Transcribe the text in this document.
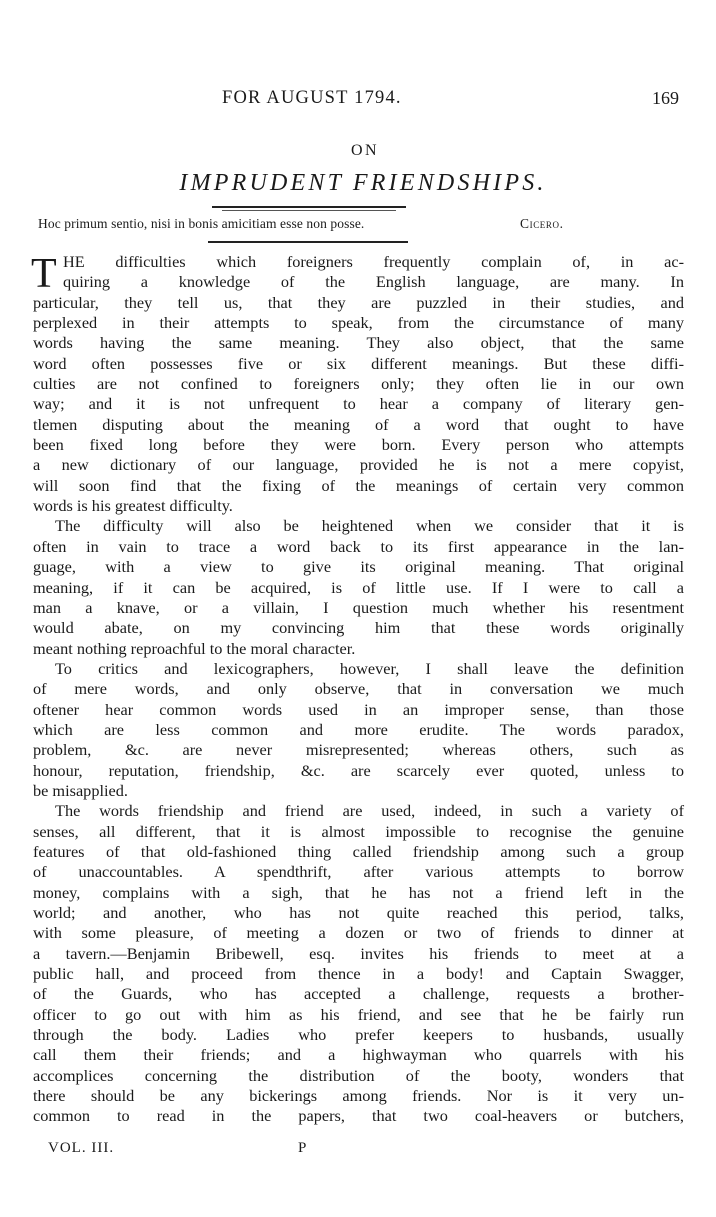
FOR AUGUST 1794.	169
ON
IMPRUDENT FRIENDSHIPS.
Hoc primum sentio, nisi in bonis amicitiam esse non posse.	Cicero.
T HE difficulties which foreigners frequently complain of, in ac-
quiring a knowledge of the English language, are many. In
particular, they tell us, that they are puzzled in their studies, and
perplexed in their attempts to speak, from the circumstance of many
words having the same meaning. They also object, that the same
word often possesses five or six different meanings. But these diffi-
culties are not confined to foreigners only; they often lie in our own
way; and it is not unfrequent to hear a company of literary gen-
tlemen disputing about the meaning of a word that ought to have
been fixed long before they were born. Every person who attempts
a new dictionary of our language, provided he is not a mere copyist,
will soon find that the fixing of the meanings of certain very common
words is his greatest difficulty.
The difficulty will also be heightened when we consider that it is
often in vain to trace a word back to its first appearance in the lan-
guage, with a view to give its original meaning. That original
meaning, if it can be acquired, is of little use. If I were to call a
man a knave, or a villain, I question much whether his resentment
would abate, on my convincing him that these words originally
meant nothing reproachful to the moral character.
To critics and lexicographers, however, I shall leave the definition
of mere words, and only observe, that in conversation we much
oftener hear common words used in an improper sense, than those
which are less common and more erudite. The words paradox,
problem, &c. are never misrepresented; whereas others, such as
honour, reputation, friendship, &c. are scarcely ever quoted, unless to
be misapplied.
The words friendship and friend are used, indeed, in such a variety of
senses, all different, that it is almost impossible to recognise the genuine
features of that old-fashioned thing called friendship among such a group
of unaccountables. A spendthrift, after various attempts to borrow
money, complains with a sigh, that he has not a friend left in the
world; and another, who has not quite reached this period, talks,
with some pleasure, of meeting a dozen or two of friends to dinner at
a tavern.—Benjamin Bribewell, esq. invites his friends to meet at a
public hall, and proceed from thence in a body! and Captain Swagger,
of the Guards, who has accepted a challenge, requests a brother-
officer to go out with him as his friend, and see that he be fairly run
through the body. Ladies who prefer keepers to husbands, usually
call them their friends; and a highwayman who quarrels with his
accomplices concerning the distribution of the booty, wonders that
there should be any bickerings among friends. Nor is it very un-
common to read in the papers, that two coal-heavers or butchers,
VOL. III.	P
